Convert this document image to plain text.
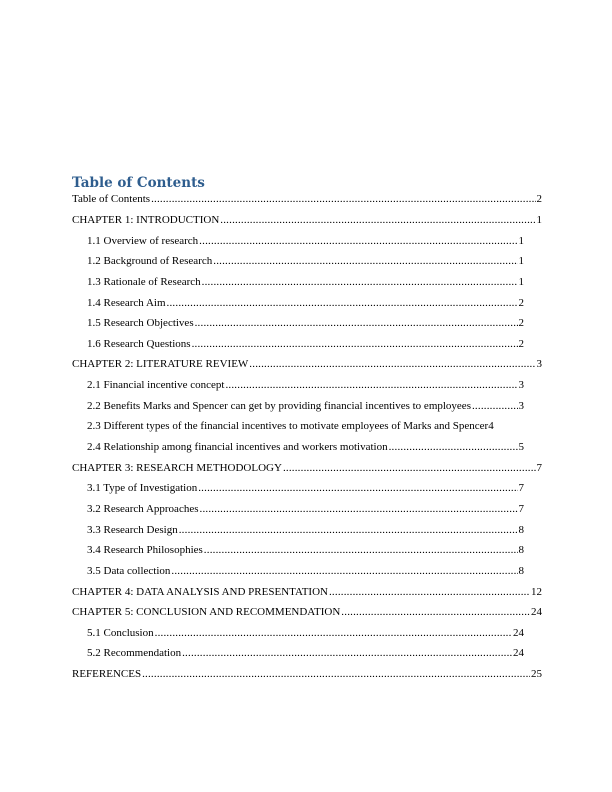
Table of Contents
Table of Contents .....	2
CHAPTER 1: INTRODUCTION .....	1
1.1 Overview of research .....	1
1.2 Background of Research .....	1
1.3 Rationale of Research .....	1
1.4 Research Aim .....	2
1.5 Research Objectives .....	2
1.6 Research Questions .....	2
CHAPTER 2: LITERATURE REVIEW .....	3
2.1 Financial incentive concept .....	3
2.2 Benefits Marks and Spencer can get by providing financial incentives to employees .....	3
2.3 Different types of the financial incentives to motivate employees of Marks and Spencer 4
2.4 Relationship among financial incentives and workers motivation .....	5
CHAPTER 3: RESEARCH METHODOLOGY .....	7
3.1 Type of Investigation .....	7
3.2 Research Approaches .....	7
3.3 Research Design .....	8
3.4 Research Philosophies .....	8
3.5 Data collection .....	8
CHAPTER 4: DATA ANALYSIS AND PRESENTATION .....	12
CHAPTER 5: CONCLUSION AND RECOMMENDATION .....	24
5.1 Conclusion .....	24
5.2 Recommendation .....	24
REFERENCES .....	25
